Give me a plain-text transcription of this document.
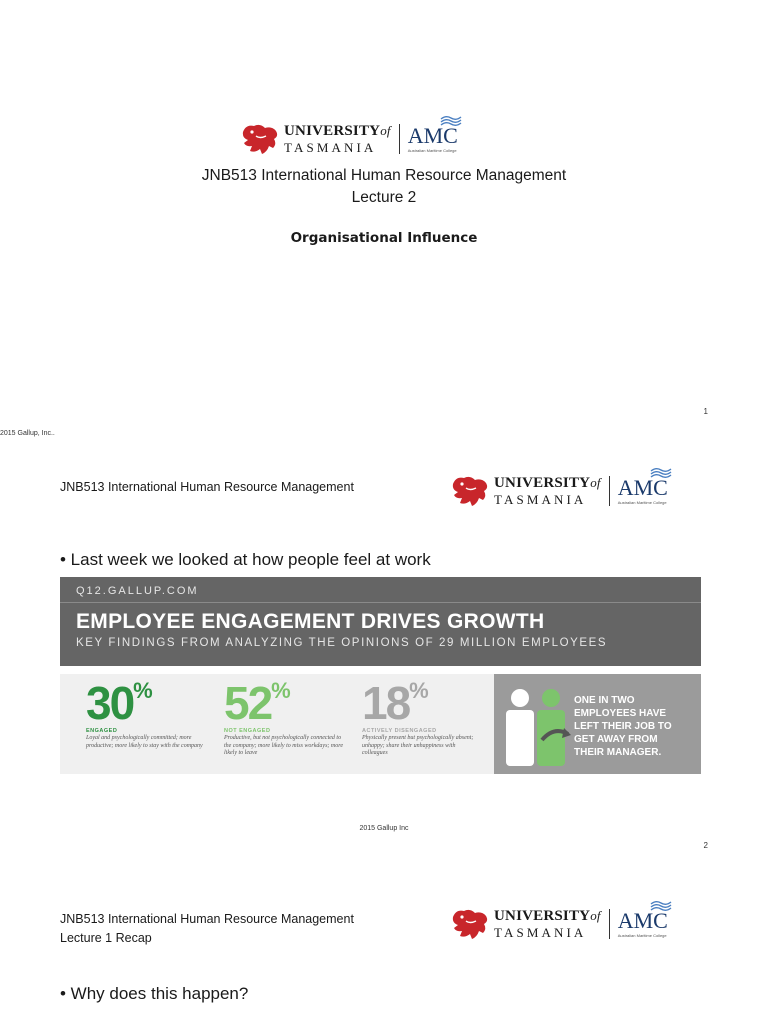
UNIVERSITYof
TASMANIA	AMC
Australian Maritime College
JNB513 International Human Resource Management
Lecture 2
Organisational Influence
1
2015 Gallup, Inc..
JNB513 International Human Resource Management	UNIVERSITYof
TASMANIA	AMC
Australian Maritime College
• Last week we looked at how people feel at work
Q12.GALLUP.COM
EMPLOYEE ENGAGEMENT DRIVES GROWTH
KEY FINDINGS FROM ANALYZING THE OPINIONS OF 29 MILLION EMPLOYEES
30%
ENGAGED
Loyal and psychologically committed; more productive; more likely to stay with the company
52%
NOT ENGAGED
Productive, but not psychologically connected to the company; more likely to miss workdays; more likely to leave
18%
ACTIVELY DISENGAGED
Physically present but psychologically absent; unhappy; share their unhappiness with colleagues
ONE IN TWO
EMPLOYEES HAVE
LEFT THEIR JOB TO
GET AWAY FROM
THEIR MANAGER.
2015 Gallup Inc
2
JNB513 International Human Resource Management
Lecture 1 Recap
UNIVERSITYof
TASMANIA	AMC
Australian Maritime College
• Why does this happen?
